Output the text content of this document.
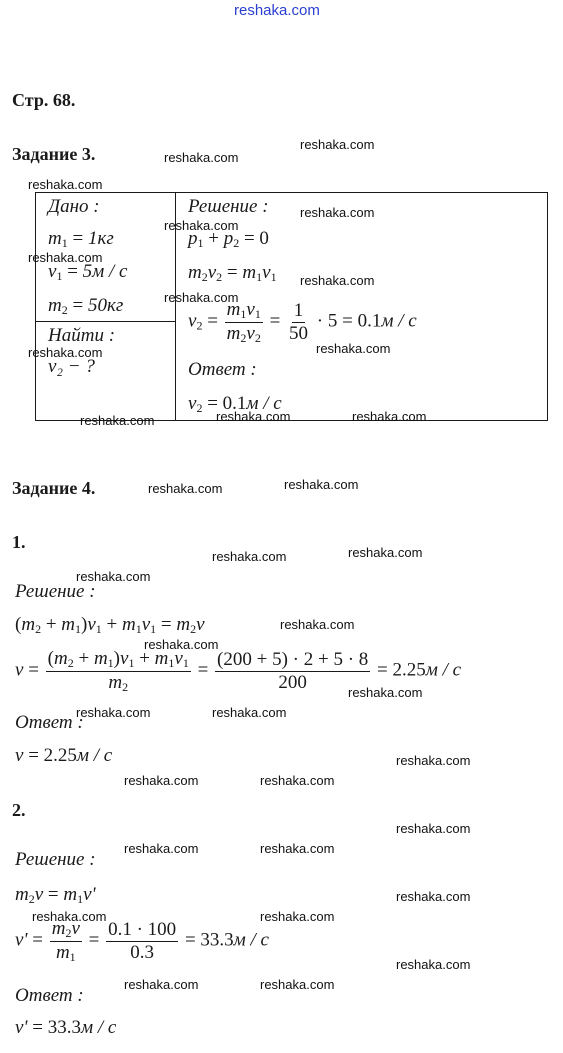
reshaka.com
Стр. 68.
Задание 3.
Дано :
$m_1 = 1кг$
$v_1 = 5м / с$
$m_2 = 50кг$
Найти :
v₂ − ?
Решение :
$p_1 + p_2 = 0$
$m_2v_2 = m_1v_1$
$v_2 = \frac{m_1v_1}{m_2v_2} = \frac{1}{50} \cdot 5 = 0.1м / с$
Ответ :
$v_2 = 0.1м / с$
Задание 4.
1.
Решение :
$(m_2 + m_1)v_1 + m_1v_1 = m_2v$
$v = \frac{(m_2 + m_1)v_1 + m_1v_1}{m_2} = \frac{(200 + 5) \cdot 2 + 5 \cdot 8}{200} = 2.25м / с$
Ответ :
v = 2.25м / с
2.
Решение :
$m_2v = m_1v'$
$v' = \frac{m_2v}{m_1} = \frac{0.1 \cdot 100}{0.3} = 33.3м / с$
Ответ :
v' = 33.3м / с
reshaka.com
reshaka.com
reshaka.com
reshaka.com
reshaka.com
reshaka.com
reshaka.com
reshaka.com
reshaka.com
reshaka.com
reshaka.com	reshaka.com	reshaka.com
reshaka.com	reshaka.com
reshaka.com	reshaka.com
reshaka.com
reshaka.com
reshaka.com
reshaka.com
reshaka.com	reshaka.com
reshaka.com
reshaka.com	reshaka.com
reshaka.com
reshaka.com	reshaka.com
reshaka.com
reshaka.com	reshaka.com
reshaka.com
reshaka.com	reshaka.com
